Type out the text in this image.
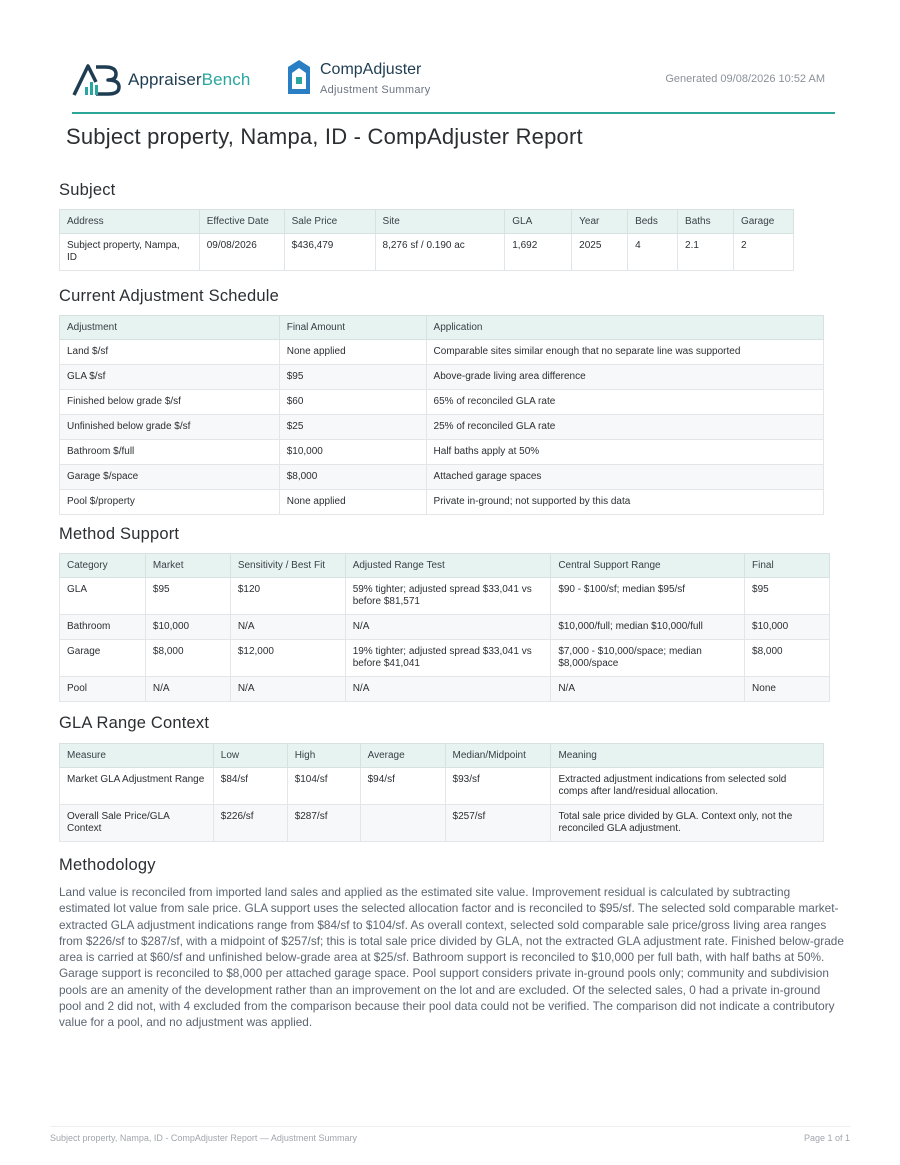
AppraiserBench
CompAdjuster
Adjustment Summary
Generated 09/08/2026 10:52 AM
Subject property, Nampa, ID - CompAdjuster Report
Subject
Address	Effective Date	Sale Price	Site	GLA	Year	Beds	Baths	Garage
Subject property, Nampa, ID	09/08/2026	$436,479	8,276 sf / 0.190 ac	1,692	2025	4	2.1	2
Current Adjustment Schedule
Adjustment	Final Amount	Application
Land $/sf	None applied	Comparable sites similar enough that no separate line was supported
GLA $/sf	$95	Above-grade living area difference
Finished below grade $/sf	$60	65% of reconciled GLA rate
Unfinished below grade $/sf	$25	25% of reconciled GLA rate
Bathroom $/full	$10,000	Half baths apply at 50%
Garage $/space	$8,000	Attached garage spaces
Pool $/property	None applied	Private in-ground; not supported by this data
Method Support
Category	Market	Sensitivity / Best Fit	Adjusted Range Test	Central Support Range	Final
GLA	$95	$120	59% tighter; adjusted spread $33,041 vs before $81,571	$90 - $100/sf; median $95/sf	$95
Bathroom	$10,000	N/A	N/A	$10,000/full; median $10,000/full	$10,000
Garage	$8,000	$12,000	19% tighter; adjusted spread $33,041 vs before $41,041	$7,000 - $10,000/space; median $8,000/space	$8,000
Pool	N/A	N/A	N/A	N/A	None
GLA Range Context
Measure	Low	High	Average	Median/Midpoint	Meaning
Market GLA Adjustment Range	$84/sf	$104/sf	$94/sf	$93/sf	Extracted adjustment indications from selected sold comps after land/residual allocation.
Overall Sale Price/GLA Context	$226/sf	$287/sf		$257/sf	Total sale price divided by GLA. Context only, not the reconciled GLA adjustment.
Methodology

Land value is reconciled from imported land sales and applied as the estimated site value. Improvement residual is calculated by subtracting estimated lot value from sale price. GLA support uses the selected allocation factor and is reconciled to $95/sf. The selected sold comparable market-extracted GLA adjustment indications range from $84/sf to $104/sf. As overall context, selected sold comparable sale price/gross living area ranges from $226/sf to $287/sf, with a midpoint of $257/sf; this is total sale price divided by GLA, not the extracted GLA adjustment rate. Finished below-grade area is carried at $60/sf and unfinished below-grade area at $25/sf. Bathroom support is reconciled to $10,000 per full bath, with half baths at 50%. Garage support is reconciled to $8,000 per attached garage space. Pool support considers private in-ground pools only; community and subdivision pools are an amenity of the development rather than an improvement on the lot and are excluded. Of the selected sales, 0 had a private in-ground pool and 2 did not, with 4 excluded from the comparison because their pool data could not be verified. The comparison did not indicate a contributory value for a pool, and no adjustment was applied.

Subject property, Nampa, ID - CompAdjuster Report — Adjustment Summary	Page 1 of 1
